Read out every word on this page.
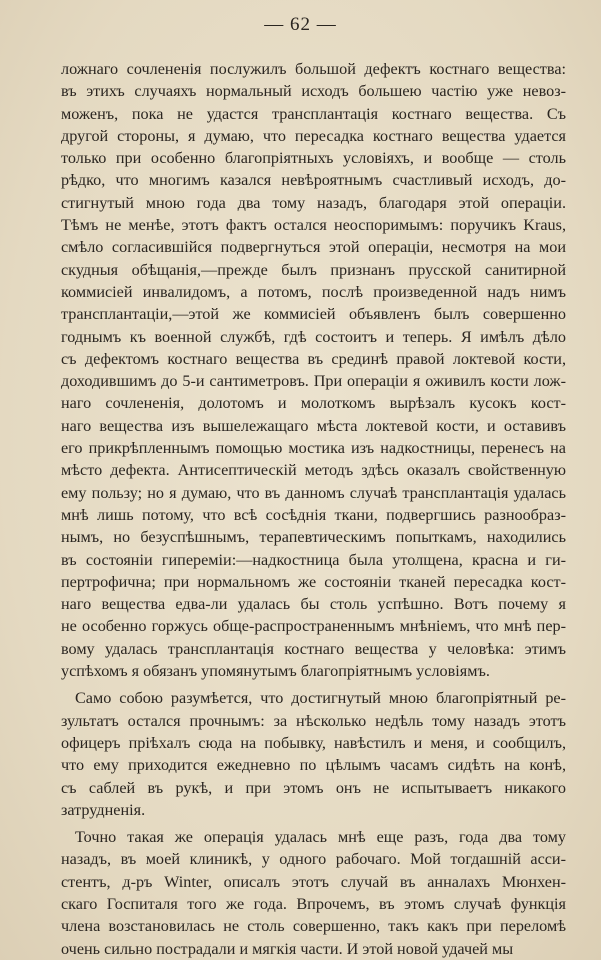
— 62 —
ложнаго сочлененія послужилъ большой дефектъ костнаго вещества:
въ этихъ случаяхъ нормальный исходъ большею частію уже невоз-
моженъ, пока не удастся трансплантація костнаго вещества. Съ
другой стороны, я думаю, что пересадка костнаго вещества удается
только при особенно благопріятныхъ условіяхъ, и вообще — столь
рѣдко, что многимъ казался невѣроятнымъ счастливый исходъ, до-
стигнутый мною года два тому назадъ, благодаря этой операціи.
Тѣмъ не менѣе, этотъ фактъ остался неоспоримымъ: поручикъ Kraus,
смѣло согласившійся подвергнуться этой операціи, несмотря на мои
скудныя обѣщанія,—прежде былъ признанъ прусской санитирной
коммисіей инвалидомъ, а потомъ, послѣ произведенной надъ нимъ
трансплантаціи,—этой же коммисіей объявленъ былъ совершенно
годнымъ къ военной службѣ, гдѣ состоитъ и теперь. Я имѣлъ дѣло
съ дефектомъ костнаго вещества въ срединѣ правой локтевой кости,
доходившимъ до 5-и сантиметровъ. При операціи я оживилъ кости лож-
наго сочлененія, долотомъ и молоткомъ вырѣзалъ кусокъ кост-
наго вещества изъ вышележащаго мѣста локтевой кости, и оставивъ
его прикрѣпленнымъ помощью мостика изъ надкостницы, перенесъ на
мѣсто дефекта. Антисептическій методъ здѣсь оказалъ свойственную
ему пользу; но я думаю, что въ данномъ случаѣ трансплантація удалась
мнѣ лишь потому, что всѣ сосѣднія ткани, подвергшись разнообраз-
нымъ, но безуспѣшнымъ, терапевтическимъ попыткамъ, находились
въ состояніи гипереміи:—надкостница была утолщена, красна и ги-
пертрофична; при нормальномъ же состояніи тканей пересадка кост-
наго вещества едва-ли удалась бы столь успѣшно. Вотъ почему я
не особенно горжусь обще-распространеннымъ мнѣніемъ, что мнѣ пер-
вому удалась трансплантація костнаго вещества у человѣка: этимъ
успѣхомъ я обязанъ упомянутымъ благопріятнымъ условіямъ.
Само собою разумѣется, что достигнутый мною благопріятный ре-
зультатъ остался прочнымъ: за нѣсколько недѣль тому назадъ этотъ
офицеръ пріѣхалъ сюда на побывку, навѣстилъ и меня, и сообщилъ,
что ему приходится ежедневно по цѣлымъ часамъ сидѣть на конѣ,
съ саблей въ рукѣ, и при этомъ онъ не испытываетъ никакого
затрудненія.
Точно такая же операція удалась мнѣ еще разъ, года два тому
назадъ, въ моей клиникѣ, у одного рабочаго. Мой тогдашній асси-
стентъ, д-ръ Winter, описалъ этотъ случай въ анналахъ Мюнхен-
скаго Госпиталя того же года. Впрочемъ, въ этомъ случаѣ функція
члена возстановилась не столь совершенно, такъ какъ при переломѣ
очень сильно пострадали и мягкія части. И этой новой удачей мы
